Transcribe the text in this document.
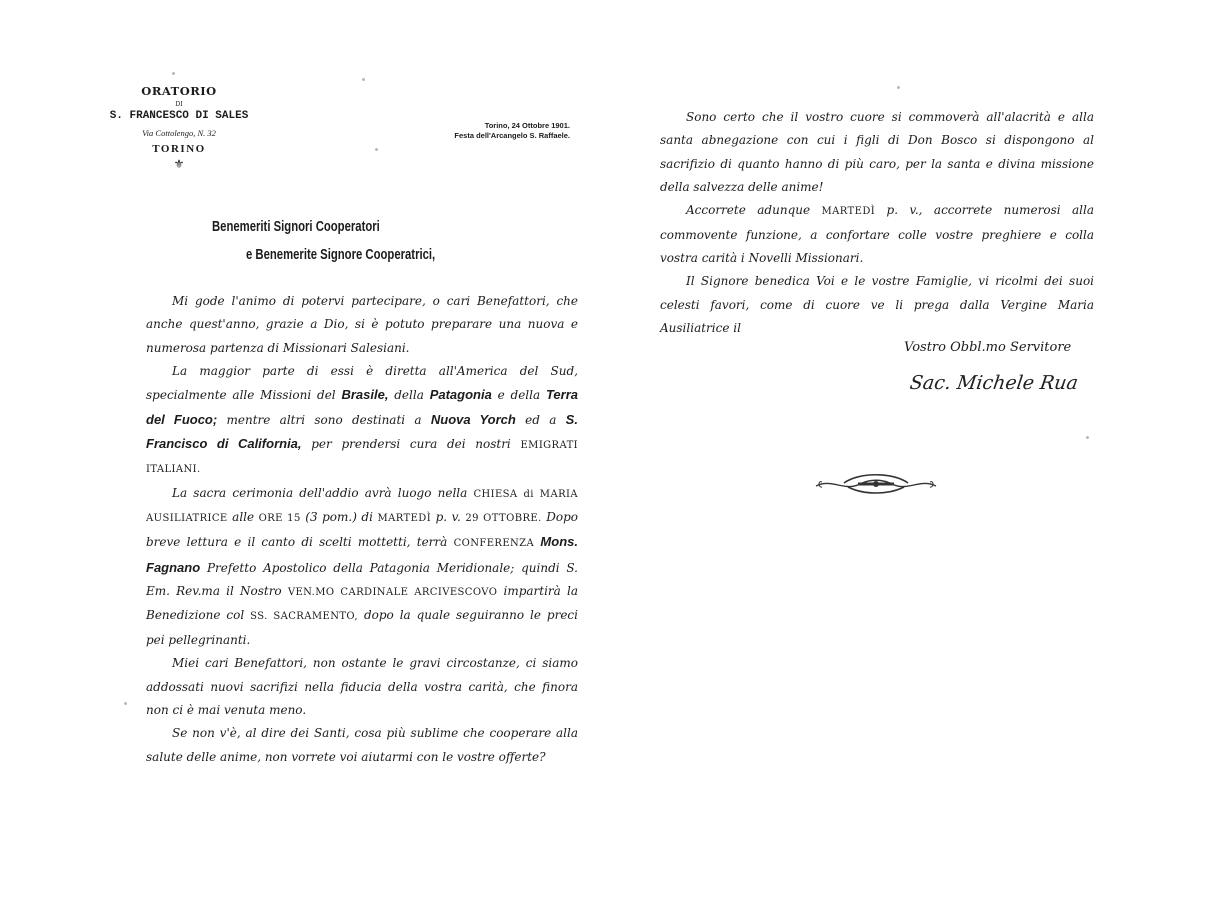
ORATORIO
DI
S. FRANCESCO DI SALES
Via Cottolengo, N. 32
TORINO
⚜
Torino, 24 Ottobre 1901.
Festa dell'Arcangelo S. Raffaele.
Benemeriti Signori Cooperatori
e Benemerite Signore Cooperatrici,

Mi gode l'animo di potervi partecipare, o cari Benefattori, che anche quest'anno, grazie a Dio, si è potuto preparare una nuova e numerosa partenza di Missionari Salesiani.

La maggior parte di essi è diretta all'America del Sud, specialmente alle Missioni del Brasile, della Patagonia e della Terra del Fuoco; mentre altri sono destinati a Nuova Yorch ed a S. Francisco di California, per prendersi cura dei nostri EMIGRATI ITALIANI.

La sacra cerimonia dell'addio avrà luogo nella CHIESA di MARIA AUSILIATRICE alle ORE 15 (3 pom.) di MARTEDÌ p. v. 29 OTTOBRE. Dopo breve lettura e il canto di scelti mottetti, terrà CONFERENZA Mons. Fagnano Prefetto Apostolico della Patagonia Meridionale; quindi S. Em. Rev.ma il Nostro VEN.MO CARDINALE ARCIVESCOVO impartirà la Benedizione col SS. SACRAMENTO, dopo la quale seguiranno le preci pei pellegrinanti.

Miei cari Benefattori, non ostante le gravi circostanze, ci siamo addossati nuovi sacrifizi nella fiducia della vostra carità, che finora non ci è mai venuta meno.

Se non v'è, al dire dei Santi, cosa più sublime che cooperare alla salute delle anime, non vorrete voi aiutarmi con le vostre offerte?

Sono certo che il vostro cuore si commoverà all'alacrità e alla santa abnegazione con cui i figli di Don Bosco si dispongono al sacrifizio di quanto hanno di più caro, per la santa e divina missione della salvezza delle anime!

Accorrete adunque MARTEDÌ p. v., accorrete numerosi alla commovente funzione, a confortare colle vostre preghiere e colla vostra carità i Novelli Missionari.

Il Signore benedica Voi e le vostre Famiglie, vi ricolmi dei suoi celesti favori, come di cuore ve li prega dalla Vergine Maria Ausiliatrice il

Vostro Obbl.mo Servitore
Sac. Michele Rua
